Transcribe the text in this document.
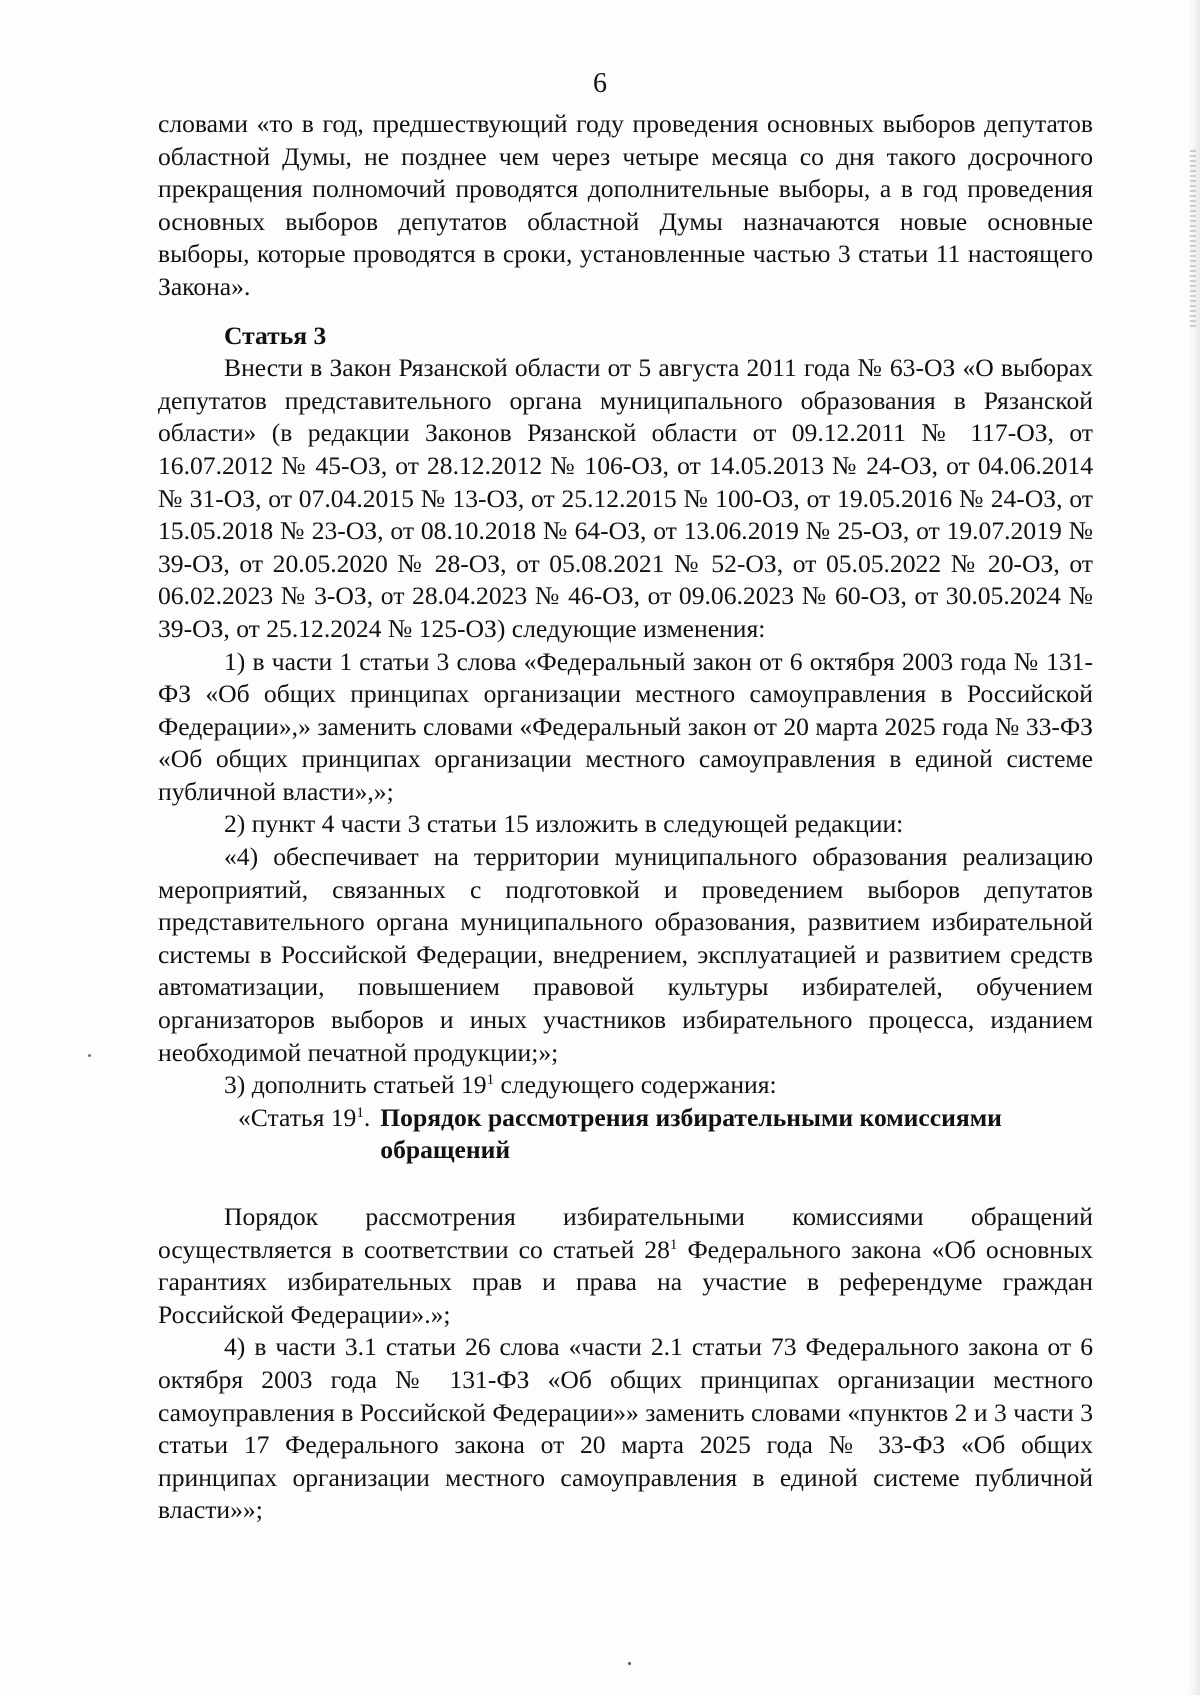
6

словами «то в год, предшествующий году проведения основных выборов депутатов областной Думы, не позднее чем через четыре месяца со дня такого досрочного прекращения полномочий проводятся дополнительные выборы, а в год проведения основных выборов депутатов областной Думы назначаются новые основные выборы, которые проводятся в сроки, установленные частью 3 статьи 11 настоящего Закона».

Статья 3

Внести в Закон Рязанской области от 5 августа 2011 года № 63-ОЗ «О выборах депутатов представительного органа муниципального образования в Рязанской области» (в редакции Законов Рязанской области от 09.12.2011 № 117-ОЗ, от 16.07.2012 № 45-ОЗ, от 28.12.2012 № 106-ОЗ, от 14.05.2013 № 24-ОЗ, от 04.06.2014 № 31-ОЗ, от 07.04.2015 № 13-ОЗ, от 25.12.2015 № 100-ОЗ, от 19.05.2016 № 24-ОЗ, от 15.05.2018 № 23-ОЗ, от 08.10.2018 № 64-ОЗ, от 13.06.2019 № 25-ОЗ, от 19.07.2019 № 39-ОЗ, от 20.05.2020 № 28-ОЗ, от 05.08.2021 № 52-ОЗ, от 05.05.2022 № 20-ОЗ, от 06.02.2023 № 3-ОЗ, от 28.04.2023 № 46-ОЗ, от 09.06.2023 № 60-ОЗ, от 30.05.2024 № 39-ОЗ, от 25.12.2024 № 125-ОЗ) следующие изменения:

1) в части 1 статьи 3 слова «Федеральный закон от 6 октября 2003 года № 131-ФЗ «Об общих принципах организации местного самоуправления в Российской Федерации»,» заменить словами «Федеральный закон от 20 марта 2025 года № 33-ФЗ «Об общих принципах организации местного самоуправления в единой системе публичной власти»,»;

2) пункт 4 части 3 статьи 15 изложить в следующей редакции:

«4) обеспечивает на территории муниципального образования реализацию мероприятий, связанных с подготовкой и проведением выборов депутатов представительного органа муниципального образования, развитием избирательной системы в Российской Федерации, внедрением, эксплуатацией и развитием средств автоматизации, повышением правовой культуры избирателей, обучением организаторов выборов и иных участников избирательного процесса, изданием необходимой печатной продукции;»;

3) дополнить статьей $19^1$ следующего содержания:

«Статья $19^1$. Порядок рассмотрения избирательными комиссиями обращений

Порядок рассмотрения избирательными комиссиями обращений осуществляется в соответствии со статьей $28^1$ Федерального закона «Об основных гарантиях избирательных прав и права на участие в референдуме граждан Российской Федерации».»;

4) в части 3.1 статьи 26 слова «части 2.1 статьи 73 Федерального закона от 6 октября 2003 года № 131-ФЗ «Об общих принципах организации местного самоуправления в Российской Федерации»» заменить словами «пунктов 2 и 3 части 3 статьи 17 Федерального закона от 20 марта 2025 года № 33-ФЗ «Об общих принципах организации местного самоуправления в единой системе публичной власти»»;
